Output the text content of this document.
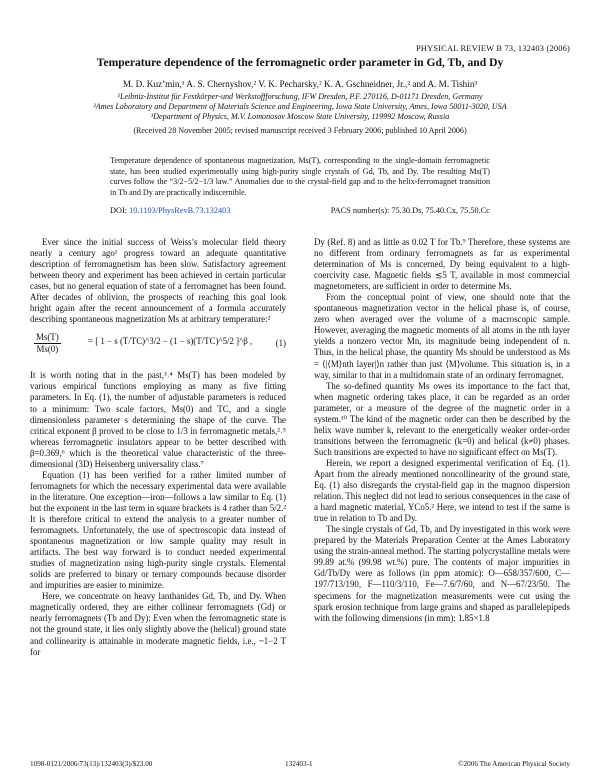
PHYSICAL REVIEW B 73, 132403 (2006)
Temperature dependence of the ferromagnetic order parameter in Gd, Tb, and Dy
M. D. Kuz’min,¹ A. S. Chernyshov,² V. K. Pecharsky,² K. A. Gschneidner, Jr.,² and A. M. Tishin³
¹Leibniz-Institut für Festkörper-und Werkstoffforschung, IFW Dresden, P.F. 270116, D-01171 Dresden, Germany
²Ames Laboratory and Department of Materials Science and Engineering, Iowa State University, Ames, Iowa 50011-3020, USA
³Department of Physics, M.V. Lomonosov Moscow State University, 119992 Moscow, Russia
(Received 28 November 2005; revised manuscript received 3 February 2006; published 10 April 2006)
Temperature dependence of spontaneous magnetization, Ms(T), corresponding to the single-domain ferromagnetic state, has been studied experimentally using high-purity single crystals of Gd, Tb, and Dy. The resulting Ms(T) curves follow the “3/2−5/2−1/3 law.” Anomalies due to the crystal-field gap and to the helix-ferromagnet transition in Tb and Dy are practically indiscernible.
DOI: 10.1103/PhysRevB.73.132403	PACS number(s): 75.30.Ds, 75.40.Cx, 75.50.Cc

Ever since the initial success of Weiss’s molecular field theory nearly a century ago¹ progress toward an adequate quantitative description of ferromagnetism has been slow. Satisfactory agreement between theory and experiment has been achieved in certain particular cases, but no general equation of state of a ferromagnet has been found. After decades of oblivion, the prospects of reaching this goal look bright again after the recent announcement of a formula accurately describing spontaneous magnetization Ms at arbitrary temperature:²

$\frac{Ms(T)}{Ms(0)}$	= [ 1 − s (T/TC)^3/2 − (1 − s)(T/TC)^5/2 ]^β ,	(1)

It is worth noting that in the past,³˒⁴ Ms(T) has been modeled by various empirical functions employing as many as five fitting parameters. In Eq. (1), the number of adjustable parameters is reduced to a minimum: Two scale factors, Ms(0) and TC, and a single dimensionless parameter s determining the shape of the curve. The critical exponent β proved to be close to 1/3 in ferromagnetic metals,²˒⁵ whereas ferromagnetic insulators appear to be better described with β=0.369,⁶ which is the theoretical value characteristic of the three-dimensional (3D) Heisenberg universality class.⁷

Equation (1) has been verified for a rather limited number of ferromagnets for which the necessary experimental data were available in the literature. One exception—iron—follows a law similar to Eq. (1) but the exponent in the last term in square brackets is 4 rather than 5/2.² It is therefore critical to extend the analysis to a greater number of ferromagnets. Unfortunately, the use of spectroscopic data instead of spontaneous magnetization or low sample quality may result in artifacts. The best way forward is to conduct needed experimental studies of magnetization using high-purity single crystals. Elemental solids are preferred to binary or ternary compounds because disorder and impurities are easier to minimize.

Here, we concentrate on heavy lanthanides Gd, Tb, and Dy. When magnetically ordered, they are either collinear ferromagnets (Gd) or nearly ferromagnets (Tb and Dy): Even when the ferromagnetic state is not the ground state, it lies only slightly above the (helical) ground state and collinearity is attainable in moderate magnetic fields, i.e., ~1−2 T for

Dy (Ref. 8) and as little as 0.02 T for Tb.⁹ Therefore, these systems are no different from ordinary ferromagnets as far as experimental determination of Ms is concerned, Dy being equivalent to a high-coercivity case. Magnetic fields ≲5 T, available in most commercial magnetometers, are sufficient in order to determine Ms.

From the conceptual point of view, one should note that the spontaneous magnetization vector in the helical phase is, of course, zero when averaged over the volume of a macroscopic sample. However, averaging the magnetic moments of all atoms in the nth layer yields a nonzero vector Mn, its magnitude being independent of n. Thus, in the helical phase, the quantity Ms should be understood as Ms = ⟨|⟨M⟩nth layer|⟩n rather than just ⟨M⟩volume. This situation is, in a way, similar to that in a multidomain state of an ordinary ferromagnet.

The so-defined quantity Ms owes its importance to the fact that, when magnetic ordering takes place, it can be regarded as an order parameter, or a measure of the degree of the magnetic order in a system.¹⁰ The kind of the magnetic order can then be described by the helix wave number k, relevant to the energetically weaker order-order transitions between the ferromagnetic (k=0) and helical (k≠0) phases. Such transitions are expected to have no significant effect on Ms(T).

Herein, we report a designed experimental verification of Eq. (1). Apart from the already mentioned noncollinearity of the ground state, Eq. (1) also disregards the crystal-field gap in the magnon dispersion relation. This neglect did not lead to serious consequences in the case of a hard magnetic material, YCo5.² Here, we intend to test if the same is true in relation to Tb and Dy.

The single crystals of Gd, Tb, and Dy investigated in this work were prepared by the Materials Preparation Center at the Ames Laboratory using the strain-anneal method. The starting polycrystalline metals were 99.89 at.% (99.98 wt.%) pure. The contents of major impurities in Gd/Tb/Dy were as follows (in ppm atomic): O—658/357/600, C—197/713/190, F—110/3/110, Fe—7.6/7/60, and N—67/23/50. The specimens for the magnetization measurements were cut using the spark erosion technique from large grains and shaped as parallelepipeds with the following dimensions (in mm): 1.85×1.8

1098-0121/2006/73(13)/132403(3)/$23.00	132403-1	©2006 The American Physical Society
